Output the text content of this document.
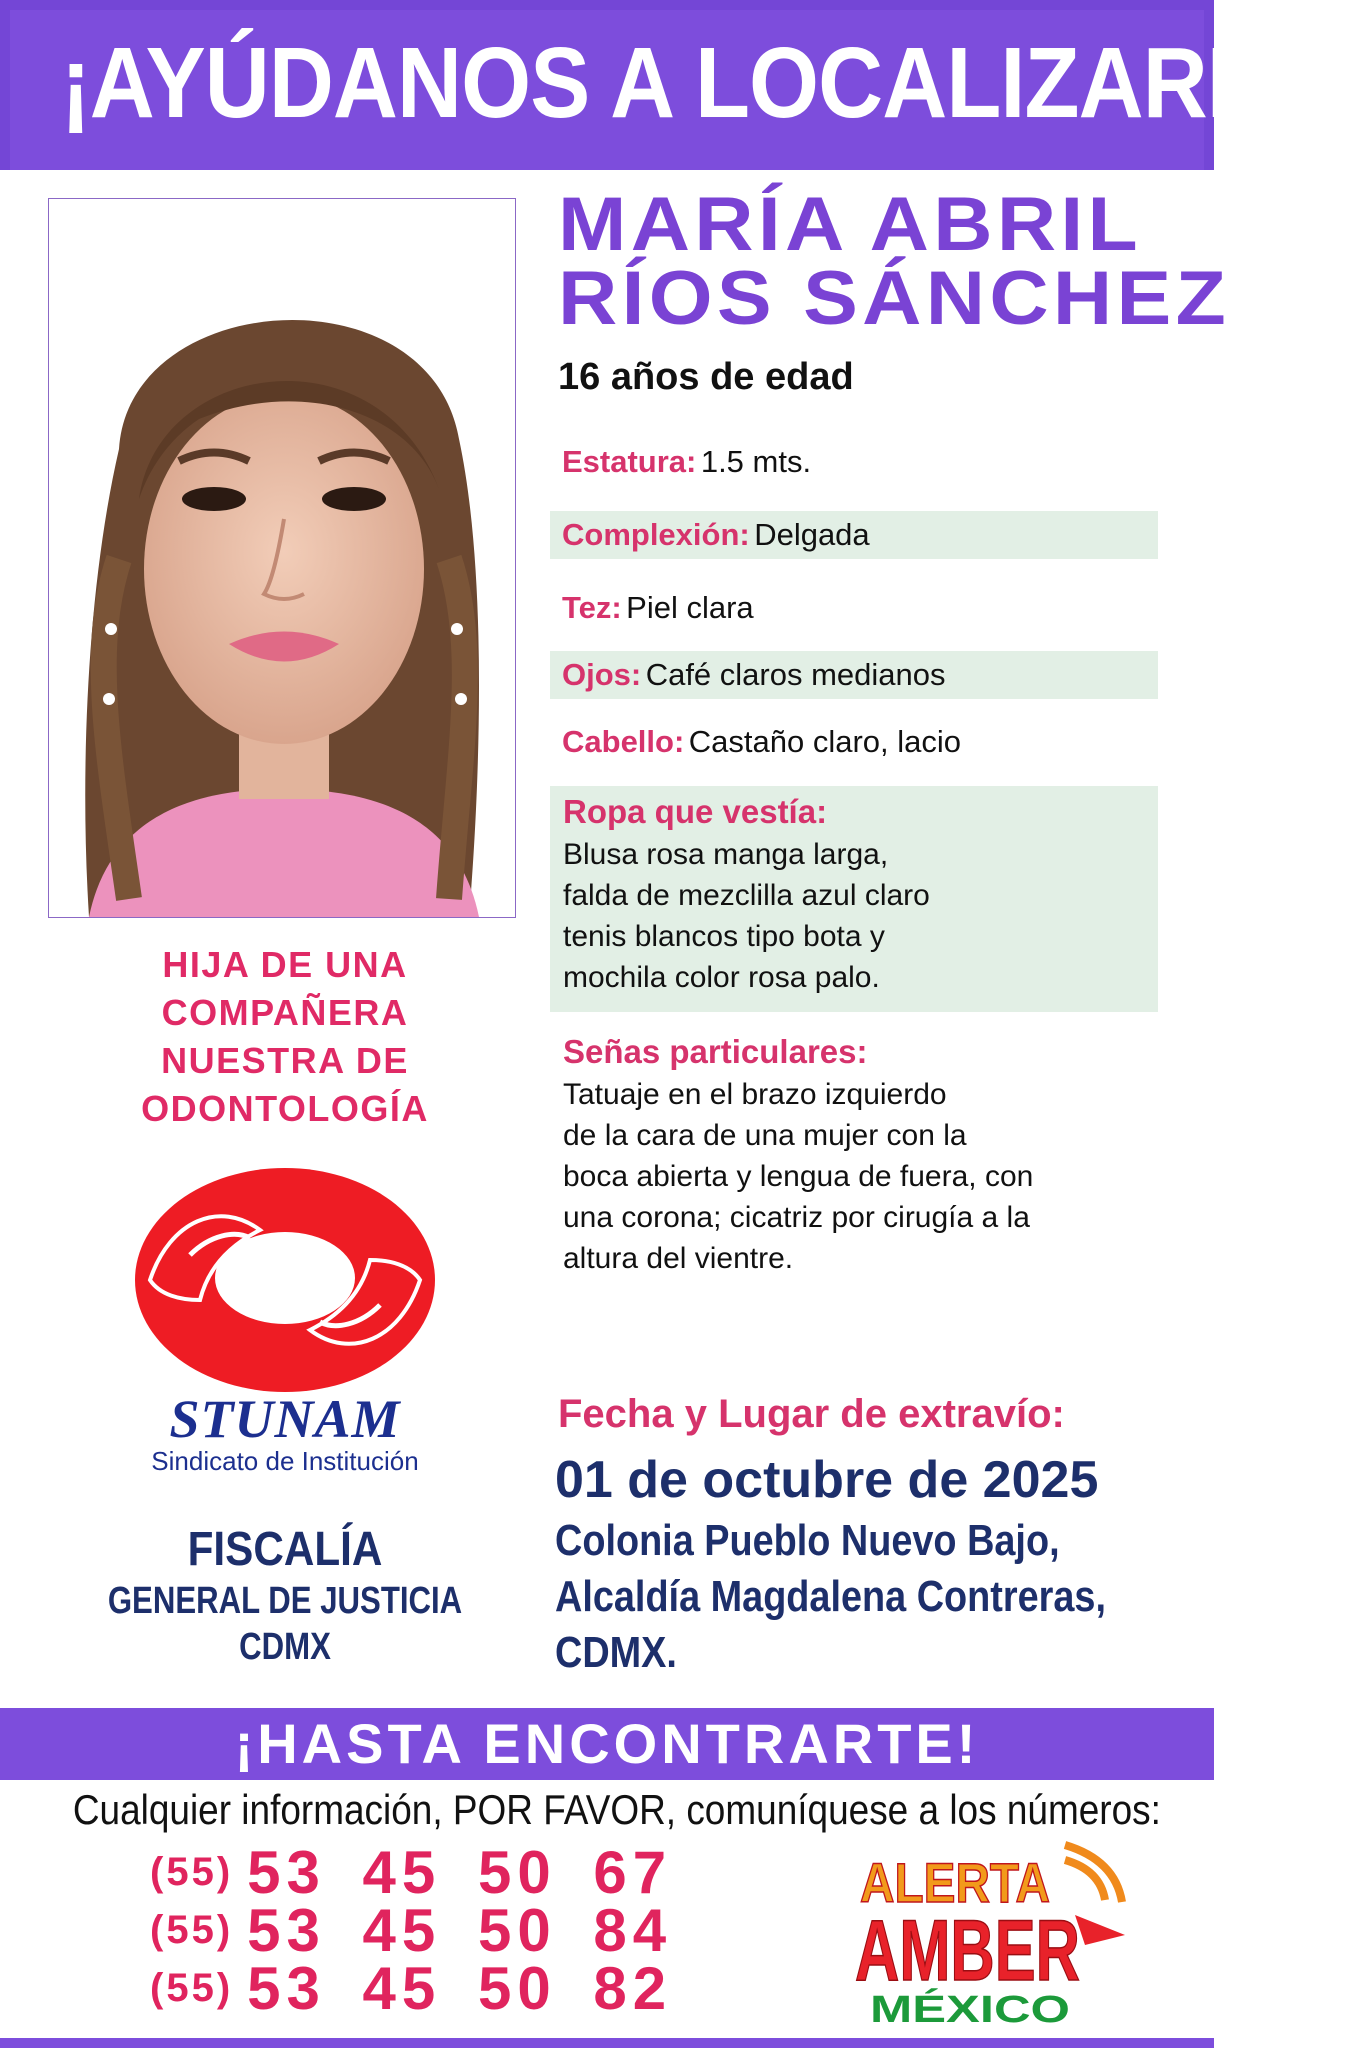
¡AYÚDANOS A LOCALIZARLA!
MARÍA ABRIL
RÍOS SÁNCHEZ
16 años de edad
Estatura: 1.5 mts.
Complexión: Delgada
Tez: Piel clara
Ojos: Café claros medianos
Cabello: Castaño claro, lacio
Ropa que vestía:
Blusa rosa manga larga,
falda de mezclilla azul claro
tenis blancos tipo bota y
mochila color rosa palo.
Señas particulares:
Tatuaje en el brazo izquierdo
de la cara de una mujer con la
boca abierta y lengua de fuera, con
una corona; cicatriz por cirugía a la
altura del vientre.
HIJA DE UNA
COMPAÑERA
NUESTRA DE
ODONTOLOGÍA
STUNAM
Sindicato de Institución
FISCALÍA
GENERAL DE JUSTICIA
CDMX
Fecha y Lugar de extravío:
01 de octubre de 2025
Colonia Pueblo Nuevo Bajo,
Alcaldía Magdalena Contreras,
CDMX.
¡HASTA ENCONTRARTE!
Cualquier información, POR FAVOR, comuníquese a los números:
(55) 53 45 50 67
(55) 53 45 50 84
(55) 53 45 50 82
ALERTA
AMBER
MÉXICO
